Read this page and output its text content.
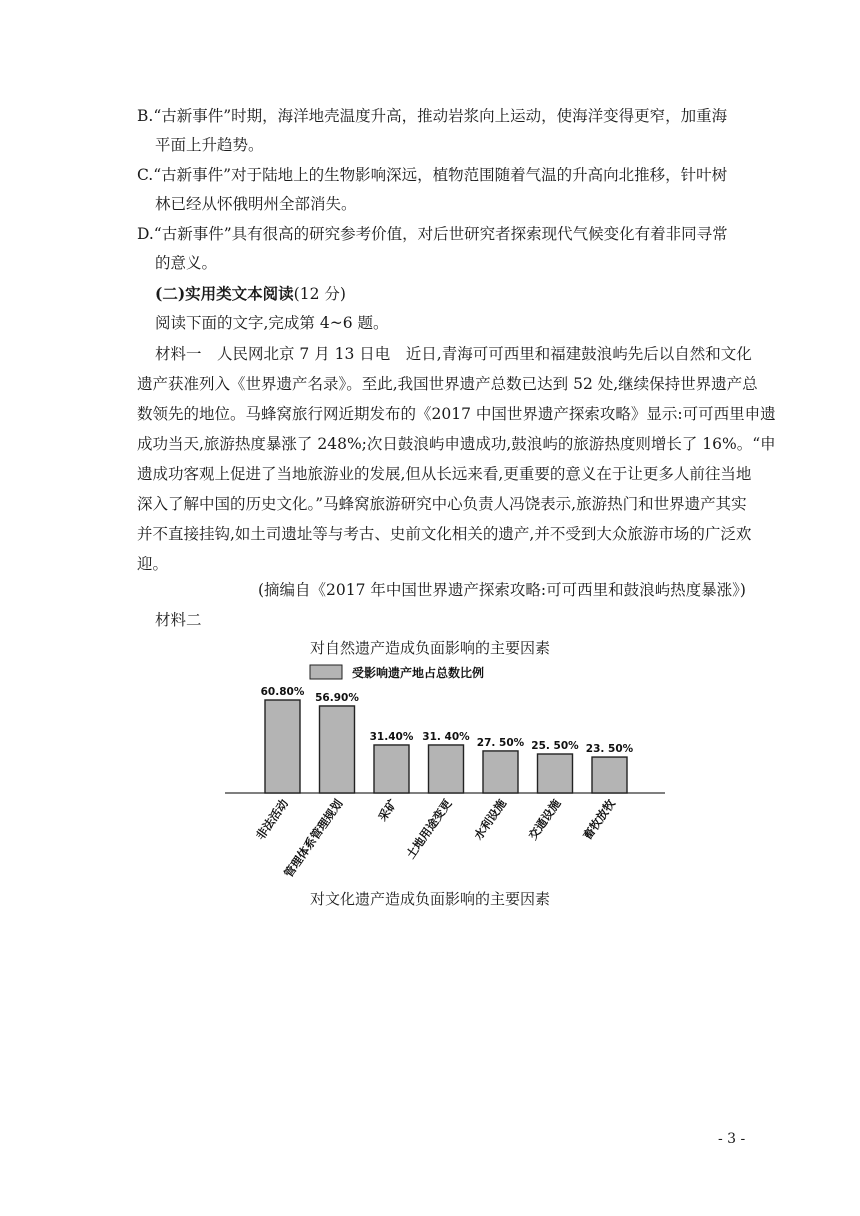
B.“古新事件”时期，海洋地壳温度升高，推动岩浆向上运动，使海洋变得更窄，加重海
平面上升趋势。
C.“古新事件”对于陆地上的生物影响深远，植物范围随着气温的升高向北推移，针叶树
林已经从怀俄明州全部消失。
D.“古新事件”具有很高的研究参考价值，对后世研究者探索现代气候变化有着非同寻常
的意义。
(二)实用类文本阅读(12 分)
阅读下面的文字,完成第 4~6 题。
材料一　人民网北京 7 月 13 日电　近日,青海可可西里和福建鼓浪屿先后以自然和文化
遗产获准列入《世界遗产名录》。至此,我国世界遗产总数已达到 52 处,继续保持世界遗产总
数领先的地位。马蜂窝旅行网近期发布的《2017 中国世界遗产探索攻略》显示:可可西里申遗
成功当天,旅游热度暴涨了 248%;次日鼓浪屿申遗成功,鼓浪屿的旅游热度则增长了 16%。“申
遗成功客观上促进了当地旅游业的发展,但从长远来看,更重要的意义在于让更多人前往当地
深入了解中国的历史文化。”马蜂窝旅游研究中心负责人冯饶表示,旅游热门和世界遗产其实
并不直接挂钩,如土司遗址等与考古、史前文化相关的遗产,并不受到大众旅游市场的广泛欢
迎。
(摘编自《2017 年中国世界遗产探索攻略:可可西里和鼓浪屿热度暴涨》)
材料二
对自然遗产造成负面影响的主要因素
受影响遗产地占总数比例
60.80%
非法活动
56.90%
管理体系管理规划
31.40%
采矿
31. 40%
土地用途变更
27. 50%
水利设施
25. 50%
交通设施
23. 50%
畜牧放牧
对文化遗产造成负面影响的主要因素
- 3 -
